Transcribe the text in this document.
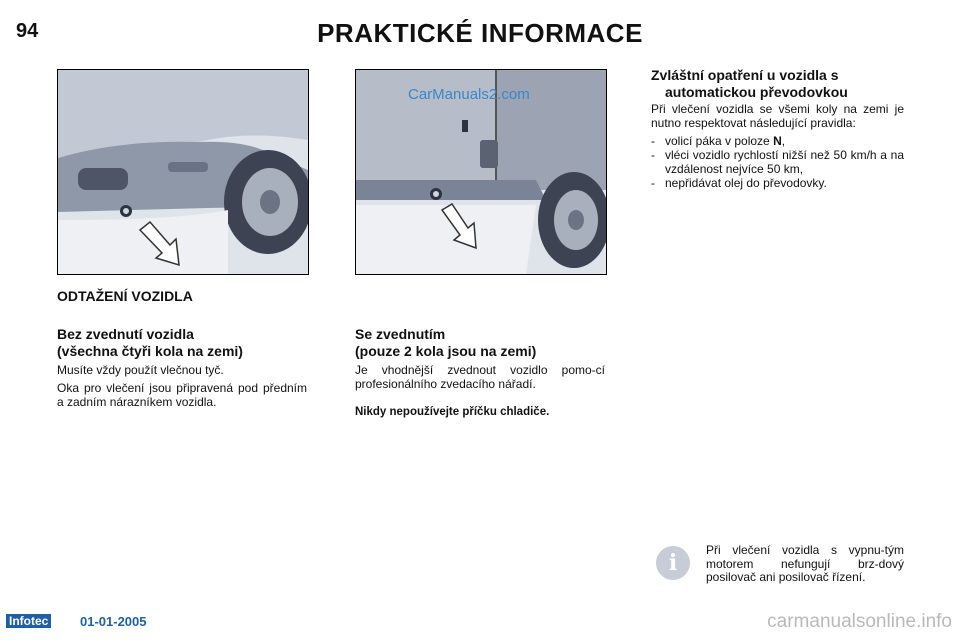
94	PRAKTICKÉ INFORMACE
CarManuals2.com
ODTAŽENÍ VOZIDLA
Bez zvednutí vozidla
(všechna čtyři kola na zemi)

Musíte vždy použít vlečnou tyč.

Oka pro vlečení jsou připravená pod předním a zadním nárazníkem vozidla.

Se zvednutím
(pouze 2 kola jsou na zemi)

Je vhodnější zvednout vozidlo pomo-cí profesionálního zvedacího nářadí.

Nikdy nepoužívejte příčku chladiče.
Zvláštní opatření u vozidla s
automatickou převodovkou

Při vlečení vozidla se všemi koly na zemi je nutno respektovat následující pravidla:

- volicí páka v poloze N,
- vléci vozidlo rychlostí nižší než 50 km/h a na vzdálenost nejvíce 50 km,
- nepřidávat olej do převodovky.
i	Při vlečení vozidla s vypnu-tým motorem nefungují brz-dový posilovač ani posilovač řízení.
Infotec 01-01-2005	carmanualsonline.info
